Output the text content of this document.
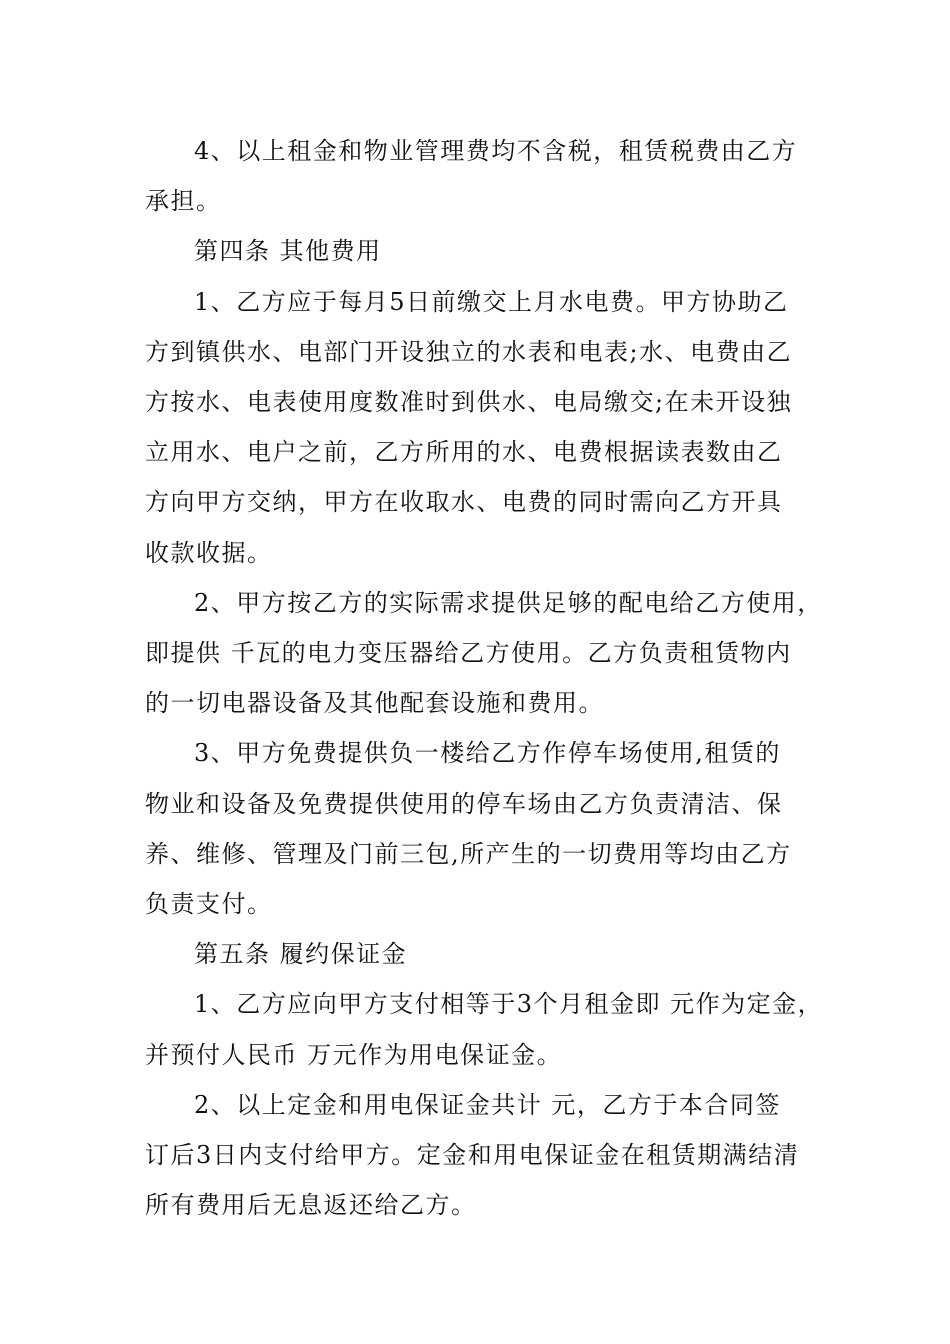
4、以上租金和物业管理费均不含税，租赁税费由乙方
承担。
第四条 其他费用
1、乙方应于每月5日前缴交上月水电费。甲方协助乙
方到镇供水、电部门开设独立的水表和电表;水、电费由乙
方按水、电表使用度数准时到供水、电局缴交;在未开设独
立用水、电户之前，乙方所用的水、电费根据读表数由乙
方向甲方交纳，甲方在收取水、电费的同时需向乙方开具
收款收据。
2、甲方按乙方的实际需求提供足够的配电给乙方使用，
即提供 千瓦的电力变压器给乙方使用。乙方负责租赁物内
的一切电器设备及其他配套设施和费用。
3、甲方免费提供负一楼给乙方作停车场使用,租赁的
物业和设备及免费提供使用的停车场由乙方负责清洁、保
养、维修、管理及门前三包,所产生的一切费用等均由乙方
负责支付。
第五条 履约保证金
1、乙方应向甲方支付相等于3个月租金即 元作为定金，
并预付人民币 万元作为用电保证金。
2、以上定金和用电保证金共计 元，乙方于本合同签
订后3日内支付给甲方。定金和用电保证金在租赁期满结清
所有费用后无息返还给乙方。
